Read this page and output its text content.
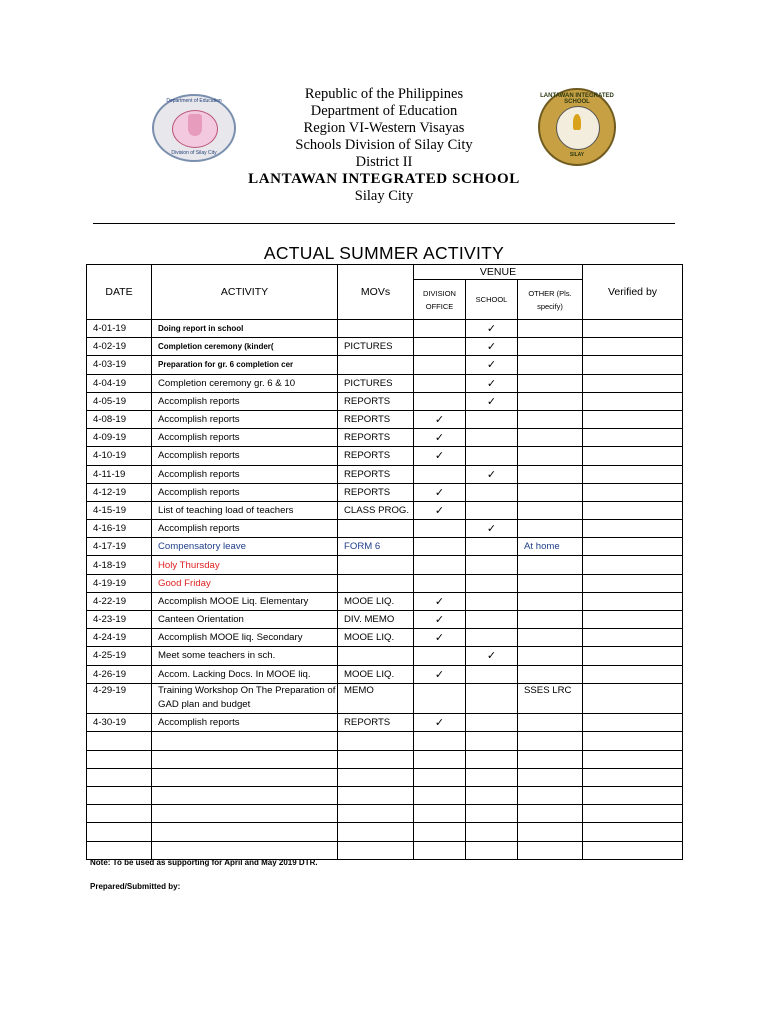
Department of Education
Division of Silay City
LANTAWAN INTEGRATED SCHOOL
SILAY
Republic of the Philippines
Department of Education
Region VI-Western Visayas
Schools Division of Silay City
District II
LANTAWAN INTEGRATED SCHOOL
Silay City
ACTUAL SUMMER ACTIVITY
DATE	ACTIVITY	MOVs	VENUE			Verified by
			DIVISION OFFICE	SCHOOL	OTHER (Pls. specify)	
4-01-19	Doing report in school			✓		
4-02-19	Completion ceremony (kinder(	PICTURES		✓		
4-03-19	Preparation for gr. 6 completion cer			✓		
4-04-19	Completion ceremony gr. 6 & 10	PICTURES		✓		
4-05-19	Accomplish reports	REPORTS		✓		
4-08-19	Accomplish reports	REPORTS	✓			
4-09-19	Accomplish reports	REPORTS	✓			
4-10-19	Accomplish reports	REPORTS	✓			
4-11-19	Accomplish reports	REPORTS		✓		
4-12-19	Accomplish reports	REPORTS	✓			
4-15-19	List of teaching load of teachers	CLASS PROG.	✓			
4-16-19	Accomplish reports			✓		
4-17-19	Compensatory leave	FORM 6			At home	
4-18-19	Holy Thursday					
4-19-19	Good Friday					
4-22-19	Accomplish MOOE Liq. Elementary	MOOE LIQ.	✓			
4-23-19	Canteen Orientation	DIV. MEMO	✓			
4-24-19	Accomplish MOOE liq. Secondary	MOOE LIQ.	✓			
4-25-19	Meet some teachers in sch.			✓		
4-26-19	Accom. Lacking Docs. In MOOE liq.	MOOE LIQ.	✓			
4-29-19	Training Workshop On The Preparation of GAD plan and budget	MEMO			SSES LRC	
4-30-19	Accomplish reports	REPORTS	✓			

Note: To be used as supporting for April and May 2019 DTR.
Prepared/Submitted by:
